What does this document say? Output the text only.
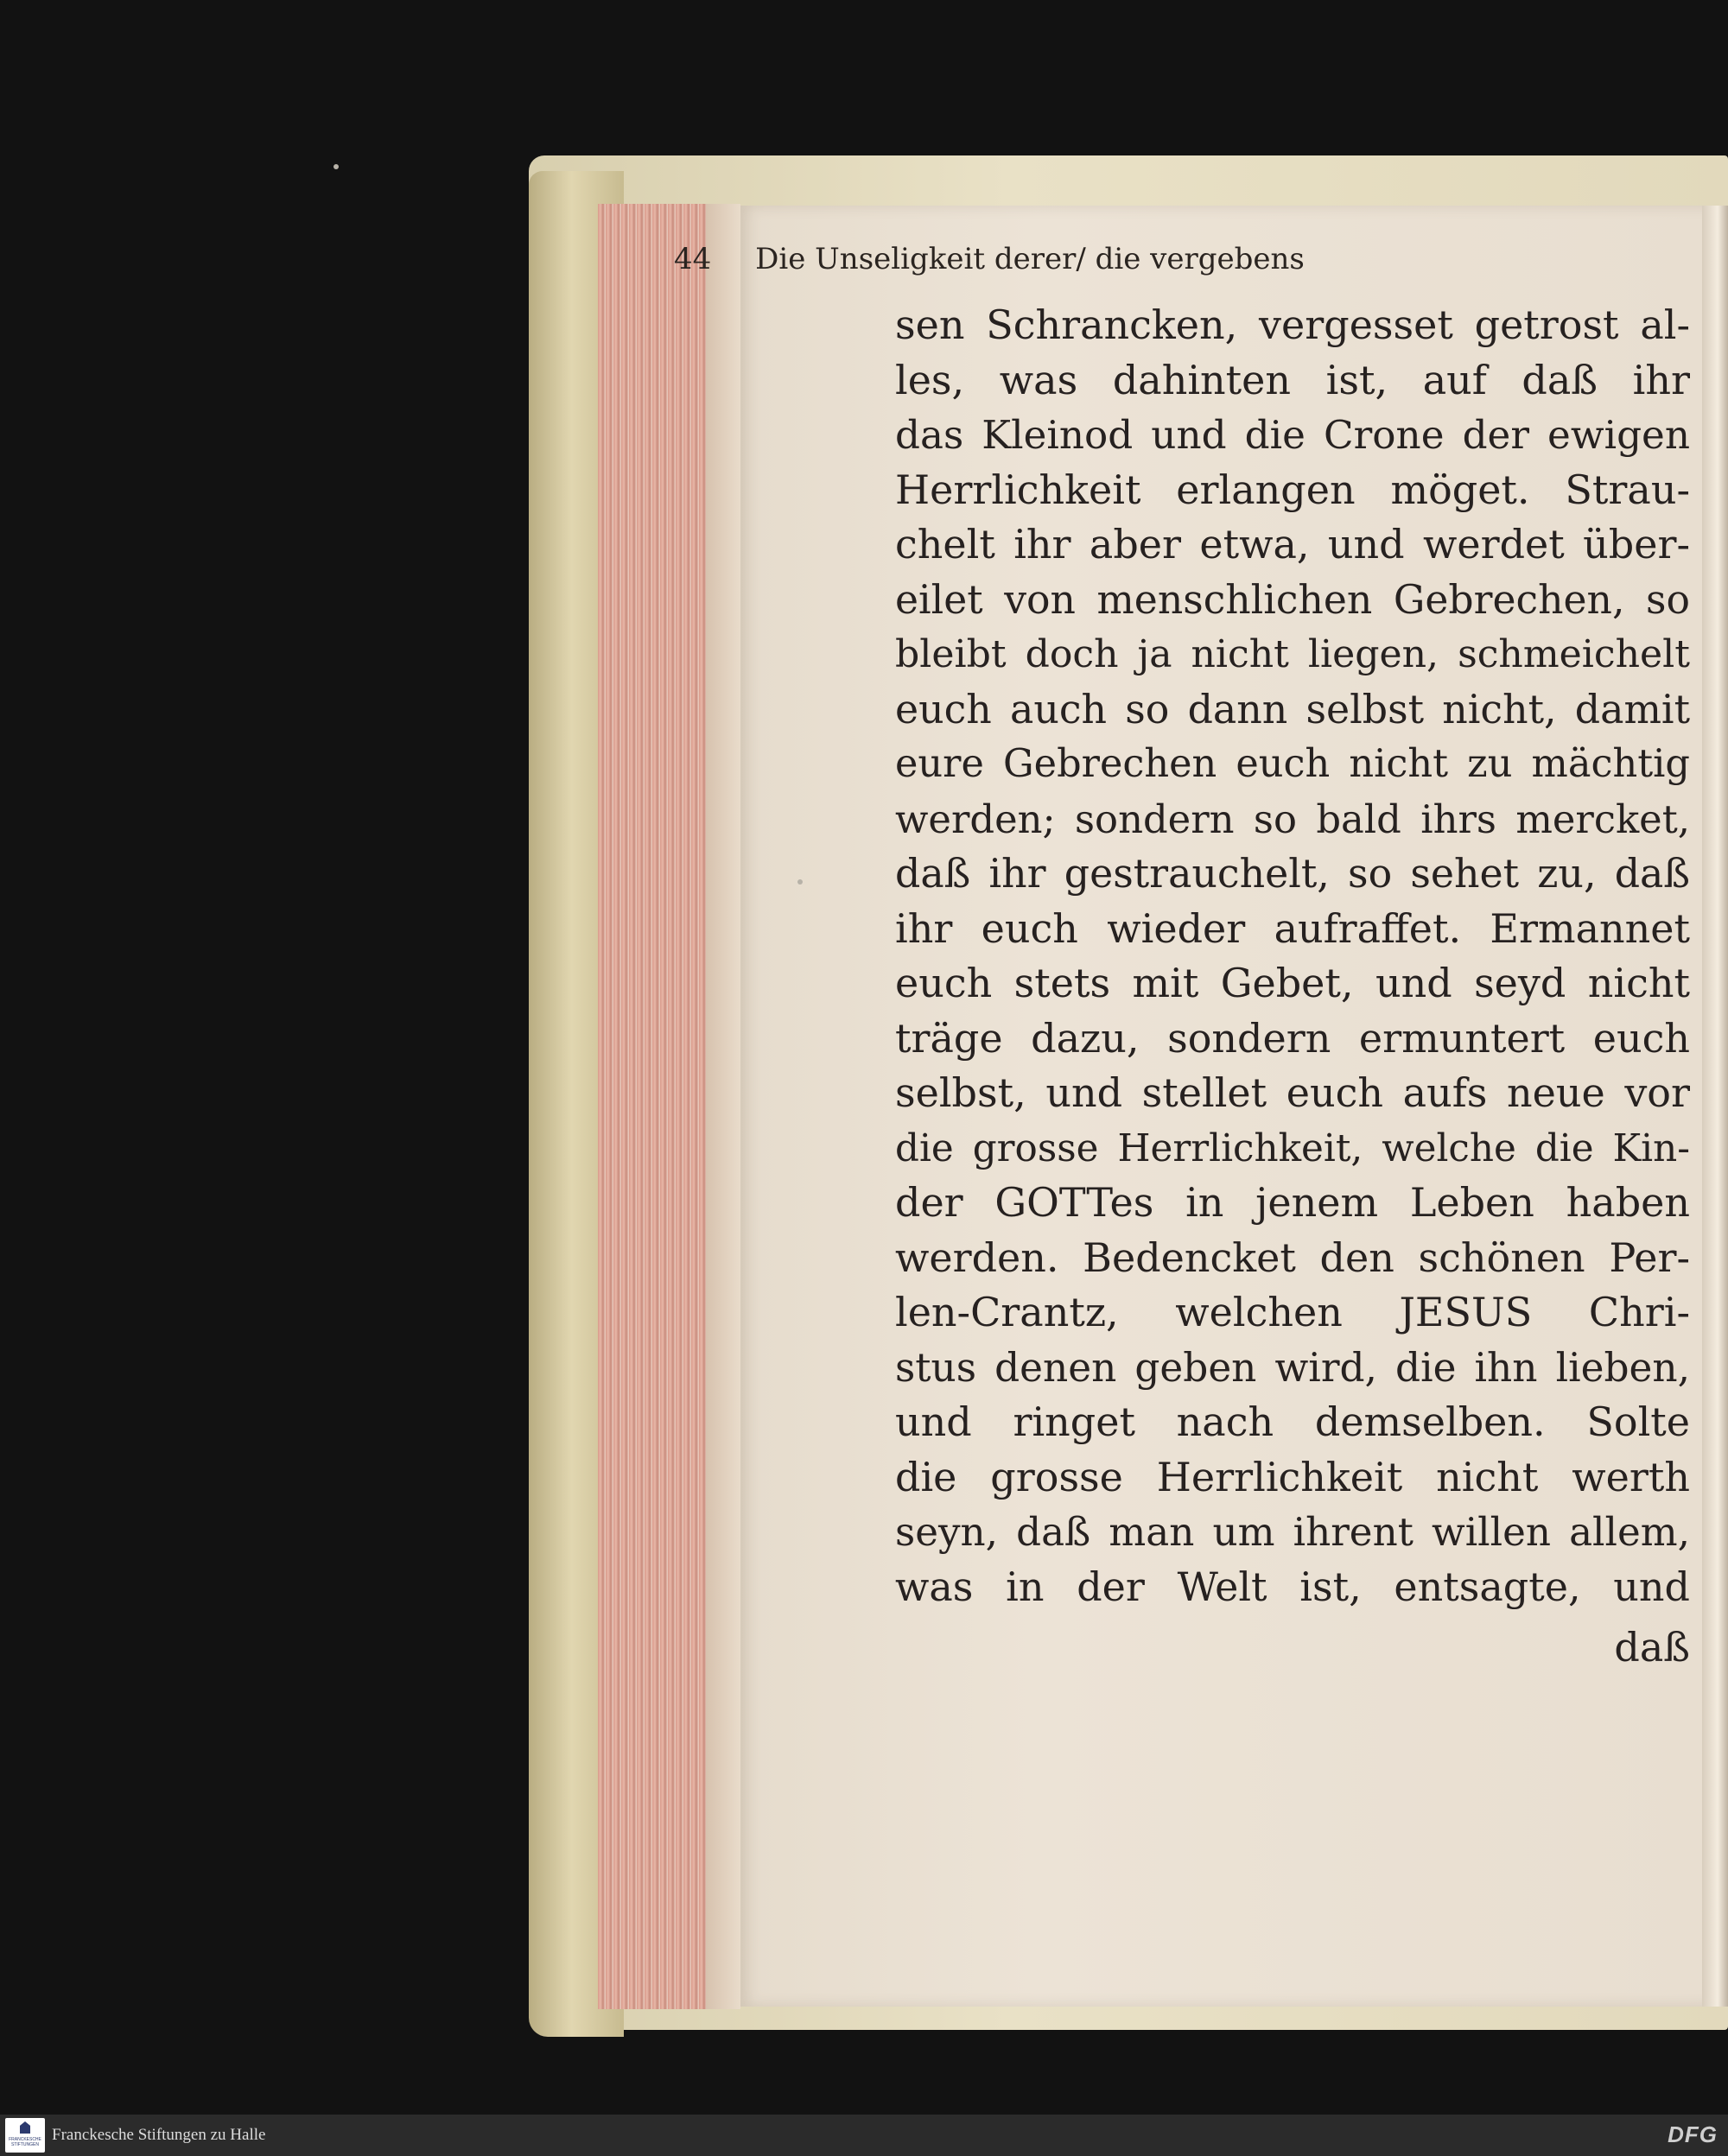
44 Die Unseligkeit derer/ die vergebens
sen Schrancken, vergesset getrost al-
les, was dahinten ist, auf daß ihr
das Kleinod und die Crone der ewigen
Herrlichkeit erlangen möget. Strau-
chelt ihr aber etwa, und werdet über-
eilet von menschlichen Gebrechen, so
bleibt doch ja nicht liegen, schmeichelt
euch auch so dann selbst nicht, damit
eure Gebrechen euch nicht zu mächtig
werden; sondern so bald ihrs mercket,
daß ihr gestrauchelt, so sehet zu, daß
ihr euch wieder aufraffet. Ermannet
euch stets mit Gebet, und seyd nicht
träge dazu, sondern ermuntert euch
selbst, und stellet euch aufs neue vor
die grosse Herrlichkeit, welche die Kin-
der GOTTes in jenem Leben haben
werden. Bedencket den schönen Per-
len-Crantz, welchen JESUS Chri-
stus denen geben wird, die ihn lieben,
und ringet nach demselben. Solte
die grosse Herrlichkeit nicht werth
seyn, daß man um ihrent willen allem,
was in der Welt ist, entsagte, und
daß
FRANCKESCHE STIFTUNGEN
Franckesche Stiftungen zu Halle	DFG
